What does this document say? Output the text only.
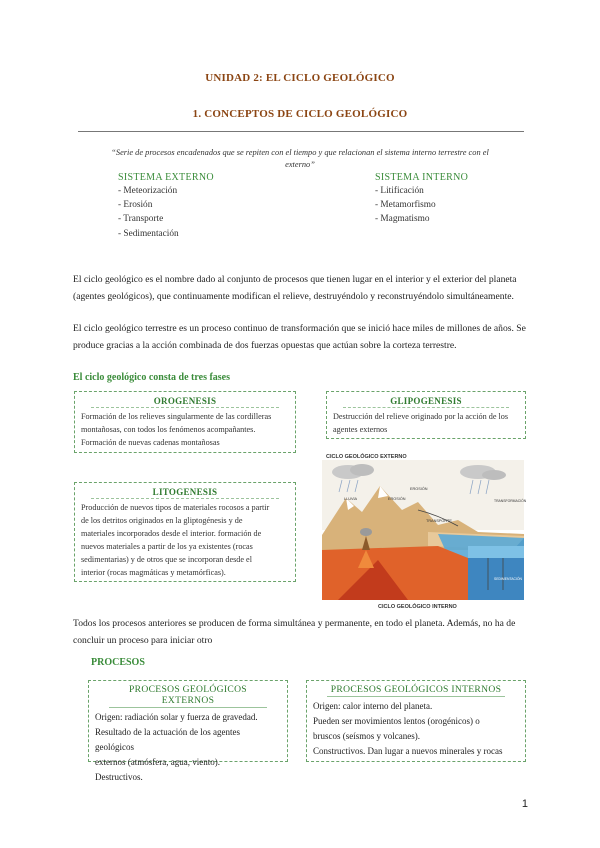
UNIDAD 2: EL CICLO GEOLÓGICO
1. CONCEPTOS DE CICLO GEOLÓGICO
“Serie de procesos encadenados que se repiten con el tiempo y que relacionan el sistema interno terrestre con el
externo”
SISTEMA EXTERNO
- Meteorización
- Erosión
- Transporte
- Sedimentación
SISTEMA INTERNO
- Litificación
- Metamorfismo
- Magmatismo
El ciclo geológico es el nombre dado al conjunto de procesos que tienen lugar en el interior y el exterior del planeta (agentes geológicos), que continuamente modifican el relieve, destruyéndolo y reconstruyéndolo simultáneamente.
El ciclo geológico terrestre es un proceso continuo de transformación que se inició hace miles de millones de años. Se produce gracias a la acción combinada de dos fuerzas opuestas que actúan sobre la corteza terrestre.
El ciclo geológico consta de tres fases
OROGENESIS
Formación de los relieves singularmente de las cordilleras
montañosas, con todos los fenómenos acompañantes.
Formación de nuevas cadenas montañosas
GLIPOGENESIS
Destrucción del relieve originado por la acción de los
agentes externos
LITOGENESIS
Producción de nuevos tipos de materiales rocosos a partir
de los detritos originados en la gliptogénesis y de
materiales incorporados desde el interior. formación de
nuevos materiales a partir de los ya existentes (rocas
sedimentarias) y de otros que se incorporan desde el
interior (rocas magmáticas y metamórficas).
CICLO GEOLÓGICO EXTERNO
CICLO GEOLÓGICO INTERNO
LLUVIA	EROSIÓN
TRANSPORTE
SEDIMENTACIÓN
TRANSFORMACIÓN
EROSIÓN
Todos los procesos anteriores se producen de forma simultánea y permanente, en todo el planeta. Además, no ha de concluir un proceso para iniciar otro
PROCESOS
PROCESOS GEOLÓGICOS EXTERNOS
Origen: radiación solar y fuerza de gravedad.
Resultado de la actuación de los agentes geológicos
externos (atmósfera, agua, viento).
Destructivos.
PROCESOS GEOLÓGICOS INTERNOS
Origen: calor interno del planeta.
Pueden ser movimientos lentos (orogénicos) o
bruscos (seísmos y volcanes).
Constructivos. Dan lugar a nuevos minerales y rocas
1
